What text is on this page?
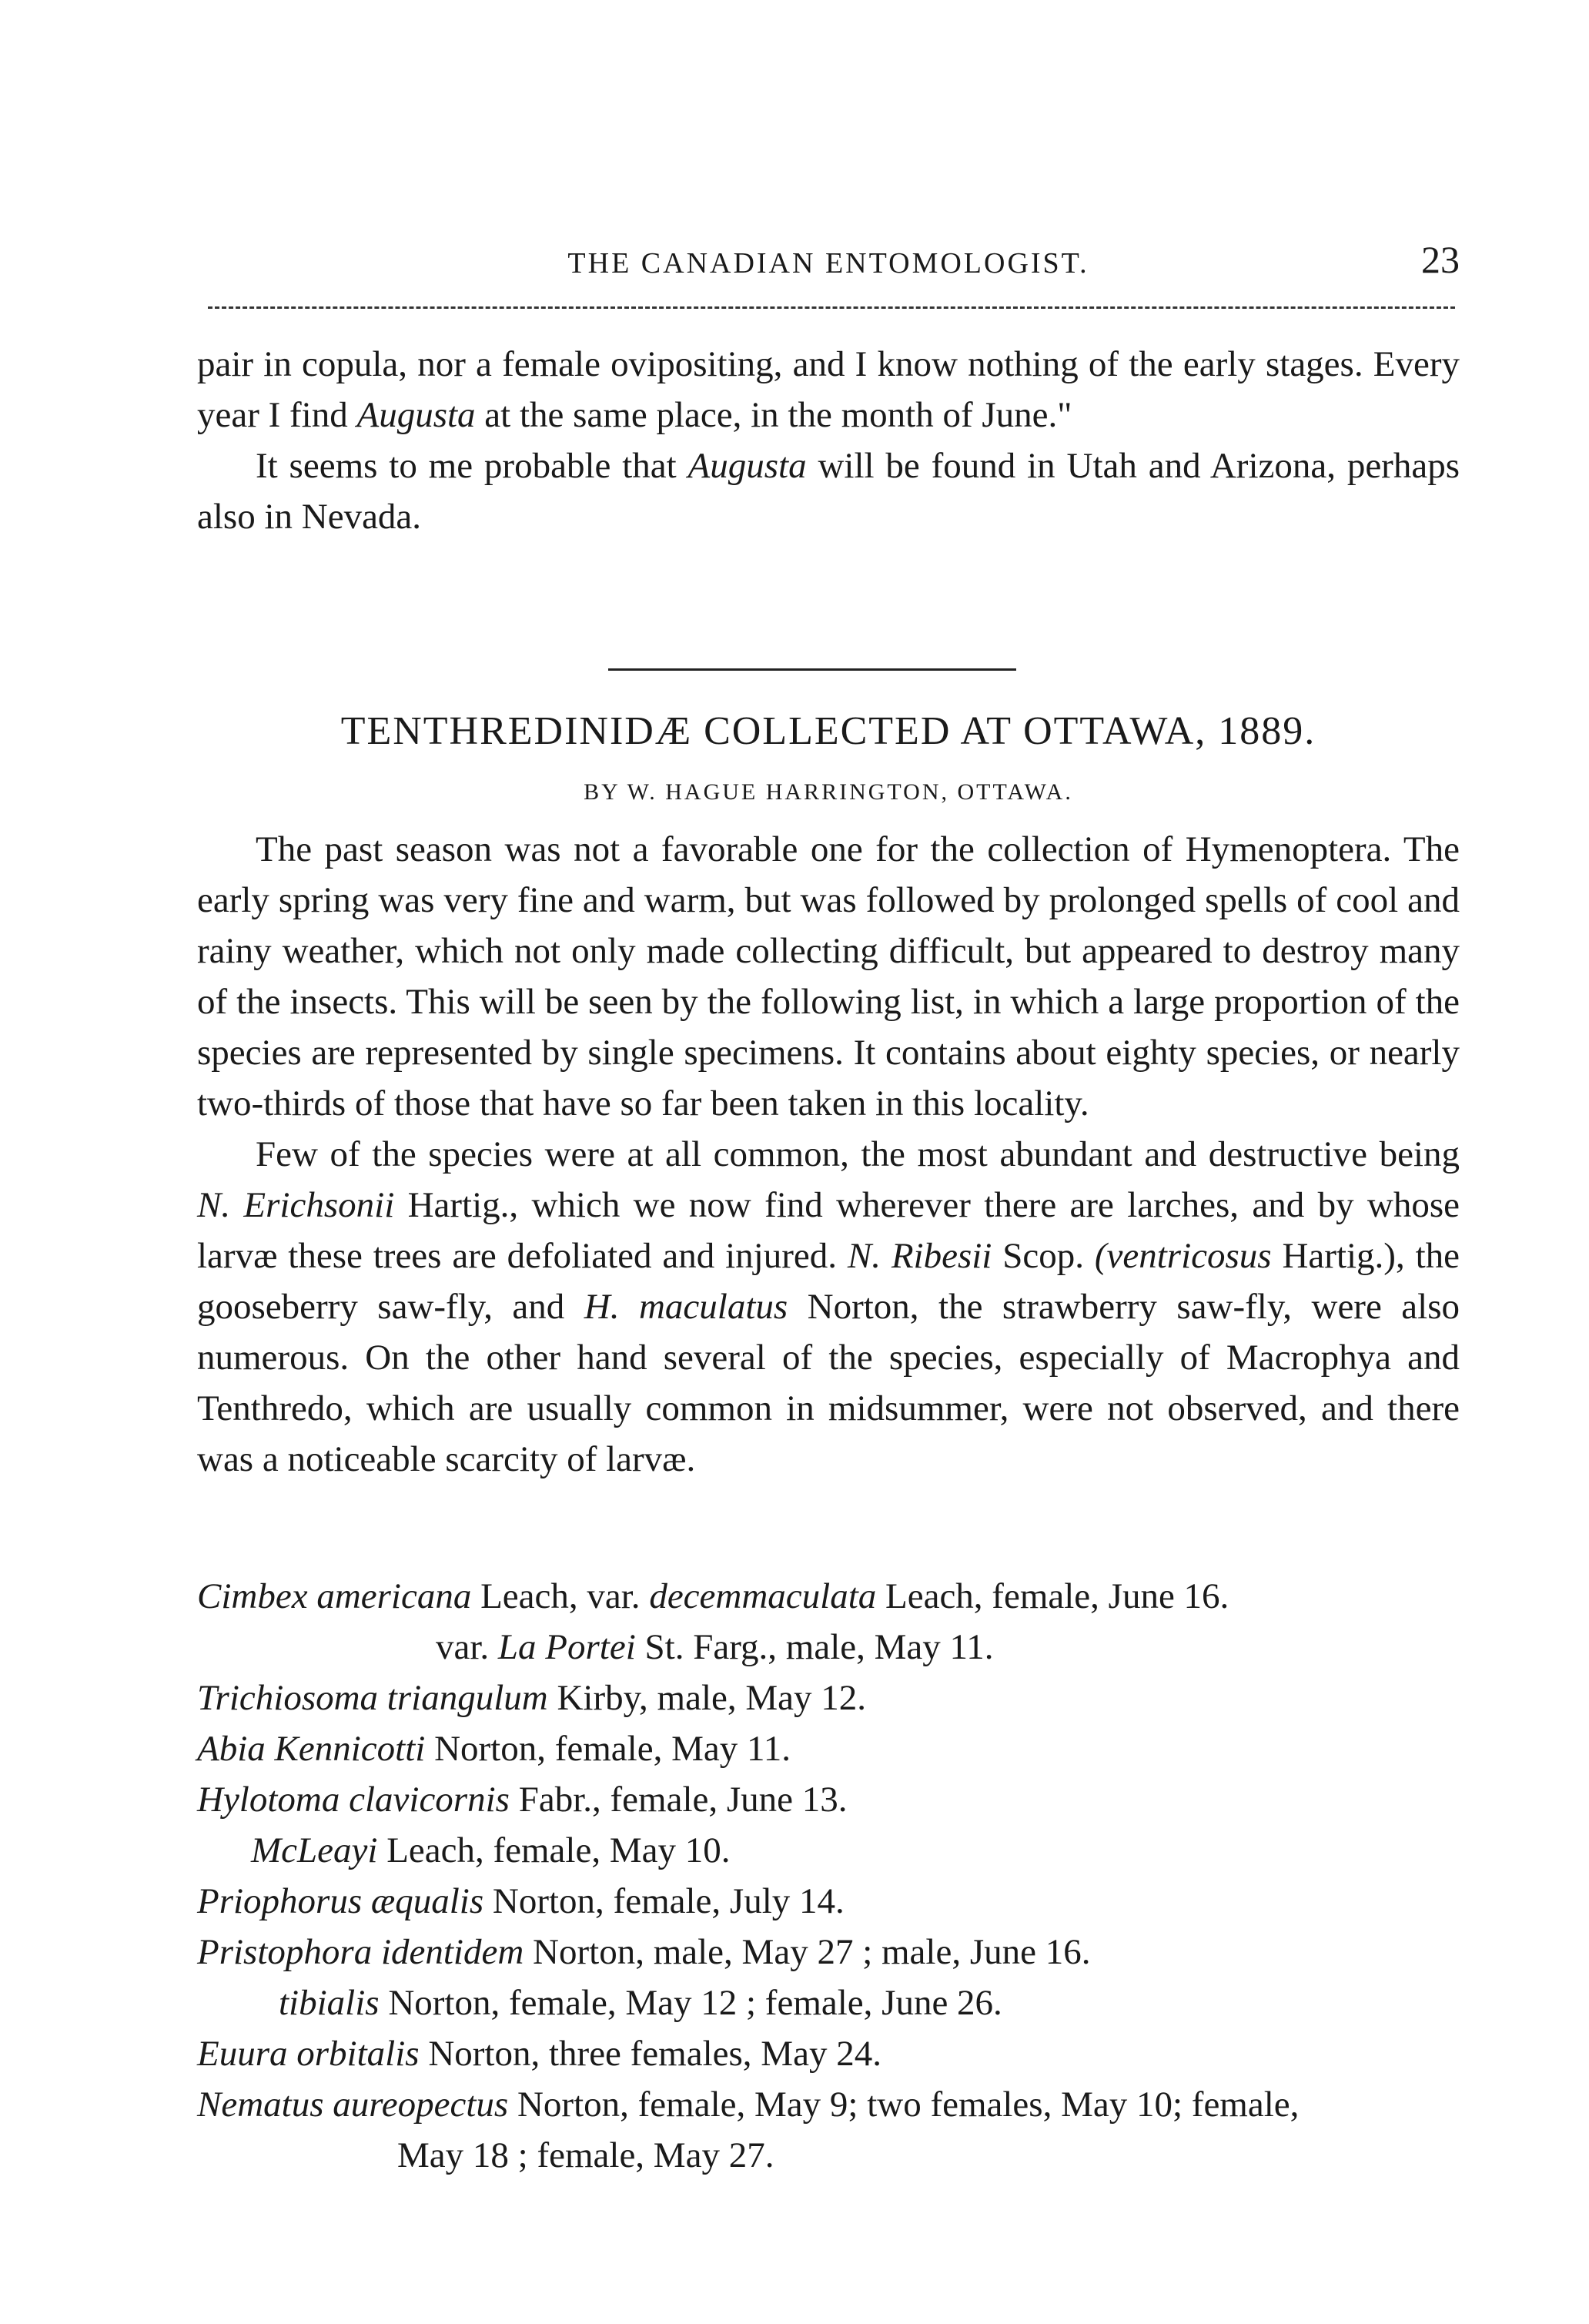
THE CANADIAN ENTOMOLOGIST.	23

pair in copula, nor a female ovipositing, and I know nothing of the early stages. Every year I find Augusta at the same place, in the month of June."

It seems to me probable that Augusta will be found in Utah and Arizona, perhaps also in Nevada.

TENTHREDINIDÆ COLLECTED AT OTTAWA, 1889.
BY W. HAGUE HARRINGTON, OTTAWA.

The past season was not a favorable one for the collection of Hymenoptera. The early spring was very fine and warm, but was followed by prolonged spells of cool and rainy weather, which not only made collecting difficult, but appeared to destroy many of the insects. This will be seen by the following list, in which a large proportion of the species are represented by single specimens. It contains about eighty species, or nearly two-thirds of those that have so far been taken in this locality.

Few of the species were at all common, the most abundant and destructive being N. Erichsonii Hartig., which we now find wherever there are larches, and by whose larvæ these trees are defoliated and injured. N. Ribesii Scop. (ventricosus Hartig.), the gooseberry saw-fly, and H. maculatus Norton, the strawberry saw-fly, were also numerous. On the other hand several of the species, especially of Macrophya and Tenthredo, which are usually common in midsummer, were not observed, and there was a noticeable scarcity of larvæ.

Cimbex americana Leach, var. decemmaculata Leach, female, June 16.
var. La Portei St. Farg., male, May 11.
Trichiosoma triangulum Kirby, male, May 12.
Abia Kennicotti Norton, female, May 11.
Hylotoma clavicornis Fabr., female, June 13.
McLeayi Leach, female, May 10.
Priophorus æqualis Norton, female, July 14.
Pristophora identidem Norton, male, May 27 ; male, June 16.
tibialis Norton, female, May 12 ; female, June 26.
Euura orbitalis Norton, three females, May 24.
Nematus aureopectus Norton, female, May 9; two females, May 10; female,
May 18 ; female, May 27.
